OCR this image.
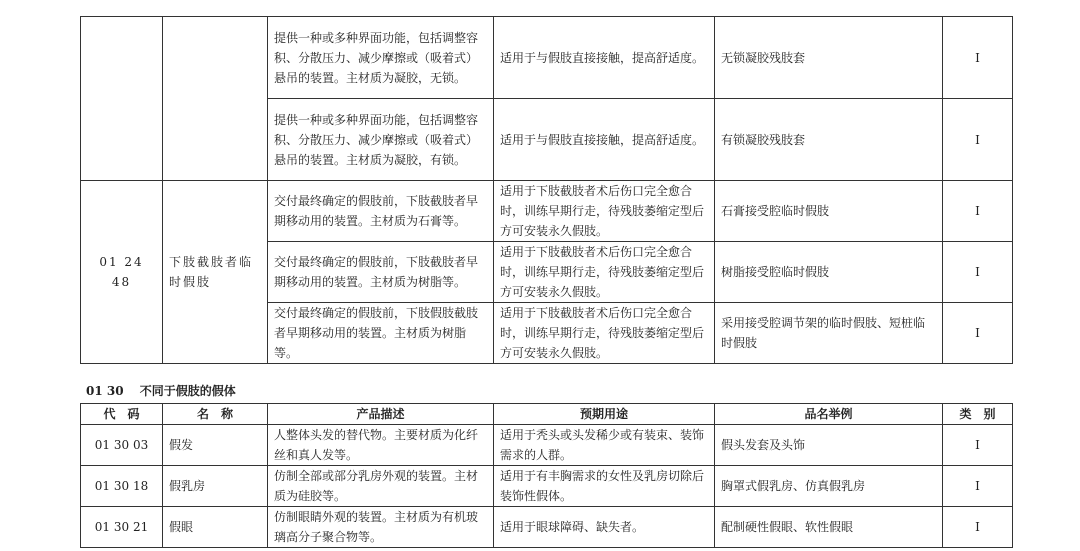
		提供一种或多种界面功能，包括调整容积、分散压力、减少摩擦或（吸着式）悬吊的装置。主材质为凝胶，无锁。	适用于与假肢直接接触，提高舒适度。	无锁凝胶残肢套	Ⅰ
		提供一种或多种界面功能，包括调整容积、分散压力、减少摩擦或（吸着式）悬吊的装置。主材质为凝胶，有锁。	适用于与假肢直接接触，提高舒适度。	有锁凝胶残肢套	Ⅰ
01 24 48	下肢截肢者临时假肢	交付最终确定的假肢前，下肢截肢者早期移动用的装置。主材质为石膏等。	适用于下肢截肢者术后伤口完全愈合时，训练早期行走，待残肢萎缩定型后方可安装永久假肢。	石膏接受腔临时假肢	Ⅰ
		交付最终确定的假肢前，下肢截肢者早期移动用的装置。主材质为树脂等。	适用于下肢截肢者术后伤口完全愈合时，训练早期行走，待残肢萎缩定型后方可安装永久假肢。	树脂接受腔临时假肢	Ⅰ
		交付最终确定的假肢前，下肢假肢截肢者早期移动用的装置。主材质为树脂等。	适用于下肢截肢者术后伤口完全愈合时，训练早期行走，待残肢萎缩定型后方可安装永久假肢。	采用接受腔调节架的临时假肢、短桩临时假肢	Ⅰ
01 30 不同于假肢的假体
代　码	名　称	产品描述	预期用途	品名举例	类　别
01 30 03	假发	人整体头发的替代物。主要材质为化纤丝和真人发等。	适用于秃头或头发稀少或有装束、装饰需求的人群。	假头发套及头饰	Ⅰ
01 30 18	假乳房	仿制全部或部分乳房外观的装置。主材质为硅胶等。	适用于有丰胸需求的女性及乳房切除后装饰性假体。	胸罩式假乳房、仿真假乳房	Ⅰ
01 30 21	假眼	仿制眼睛外观的装置。主材质为有机玻璃高分子聚合物等。	适用于眼球障碍、缺失者。	配制硬性假眼、软性假眼	Ⅰ
